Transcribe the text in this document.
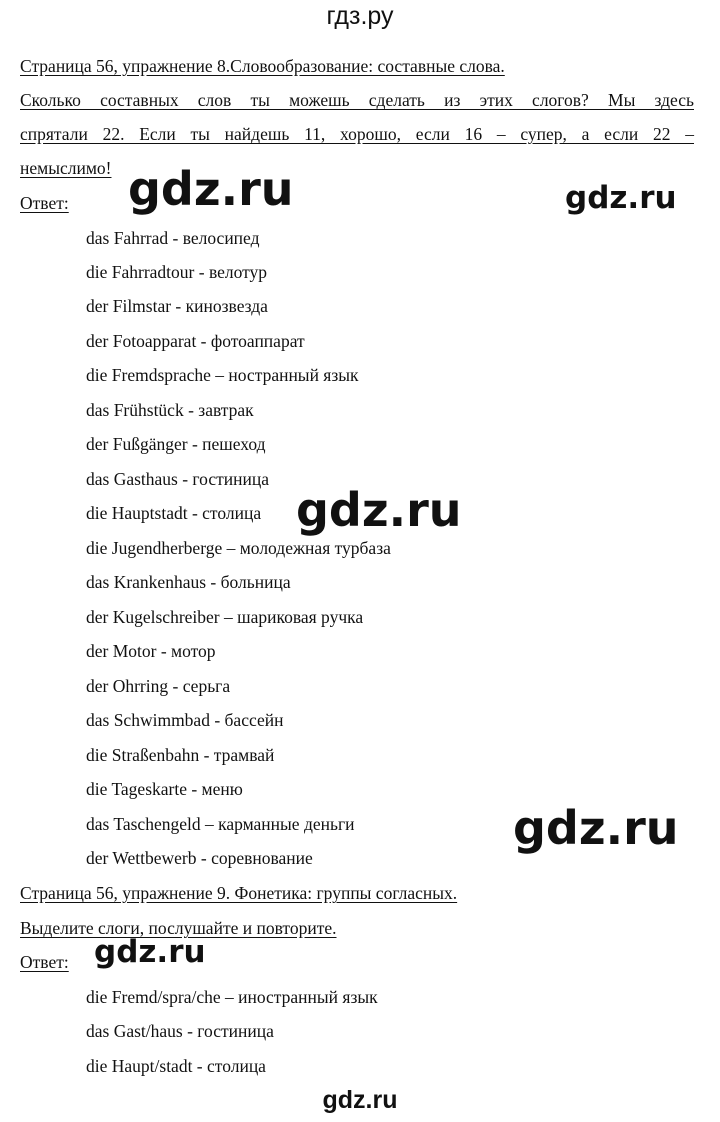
гдз.ру
Страница 56, упражнение 8.Словообразование: составные слова.
Сколько составных слов ты можешь сделать из этих слогов? Мы здесь
спрятали 22. Если ты найдешь 11, хорошо, если 16 – супер, а если 22 –
немыслимо!
Ответ:
das Fahrrad - велосипед
die Fahrradtour - велотур
der Filmstar - кинозвезда
der Fotoapparat - фотоаппарат
die Fremdsprache – ностранный язык
das Frühstück - завтрак
der Fußgänger - пешеход
das Gasthaus - гостиница
die Hauptstadt - столица
die Jugendherberge – молодежная турбаза
das Krankenhaus - больница
der Kugelschreiber – шариковая ручка
der Motor - мотор
der Ohrring - серьга
das Schwimmbad - бассейн
die Straßenbahn - трамвай
die Tageskarte - меню
das Taschengeld – карманные деньги
der Wettbewerb - соревнование
Страница 56, упражнение 9. Фонетика: группы согласных.
Выделите слоги, послушайте и повторите.
Ответ:
die Fremd/spra/che – иностранный язык
das Gast/haus - гостиница
die Haupt/stadt - столица
gdz.ru	gdz.ru
gdz.ru
gdz.ru
gdz.ru
gdz.ru
